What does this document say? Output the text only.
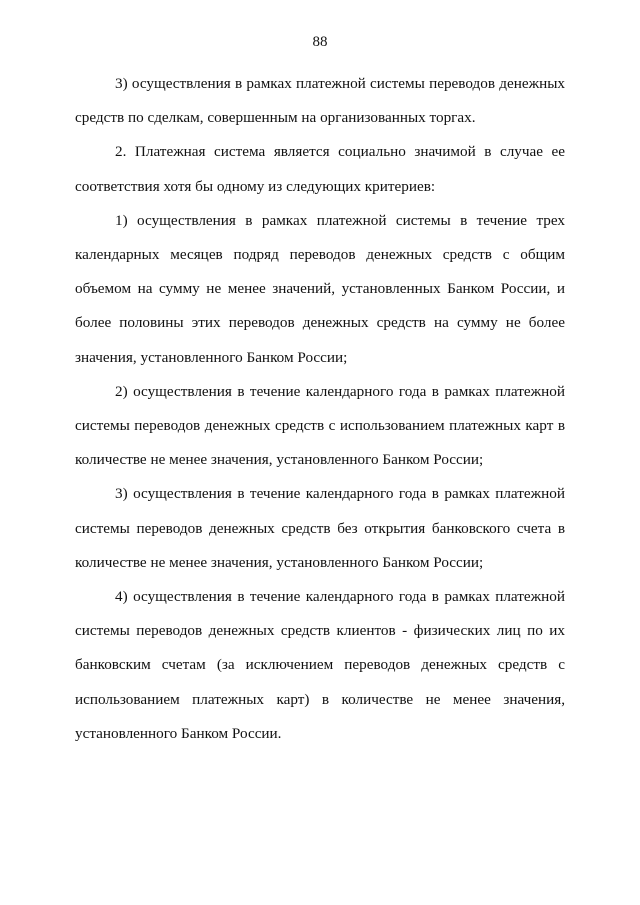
88

3) осуществления в рамках платежной системы переводов денежных средств по сделкам, совершенным на организованных торгах.

2. Платежная система является социально значимой в случае ее соответствия хотя бы одному из следующих критериев:

1) осуществления в рамках платежной системы в течение трех календарных месяцев подряд переводов денежных средств с общим объемом на сумму не менее значений, установленных Банком России, и более половины этих переводов денежных средств на сумму не более значения, установленного Банком России;

2) осуществления в течение календарного года в рамках платежной системы переводов денежных средств с использованием платежных карт в количестве не менее значения, установленного Банком России;

3) осуществления в течение календарного года в рамках платежной системы переводов денежных средств без открытия банковского счета в количестве не менее значения, установленного Банком России;

4) осуществления в течение календарного года в рамках платежной системы переводов денежных средств клиентов - физических лиц по их банковским счетам (за исключением переводов денежных средств с использованием платежных карт) в количестве не менее значения, установленного Банком России.
